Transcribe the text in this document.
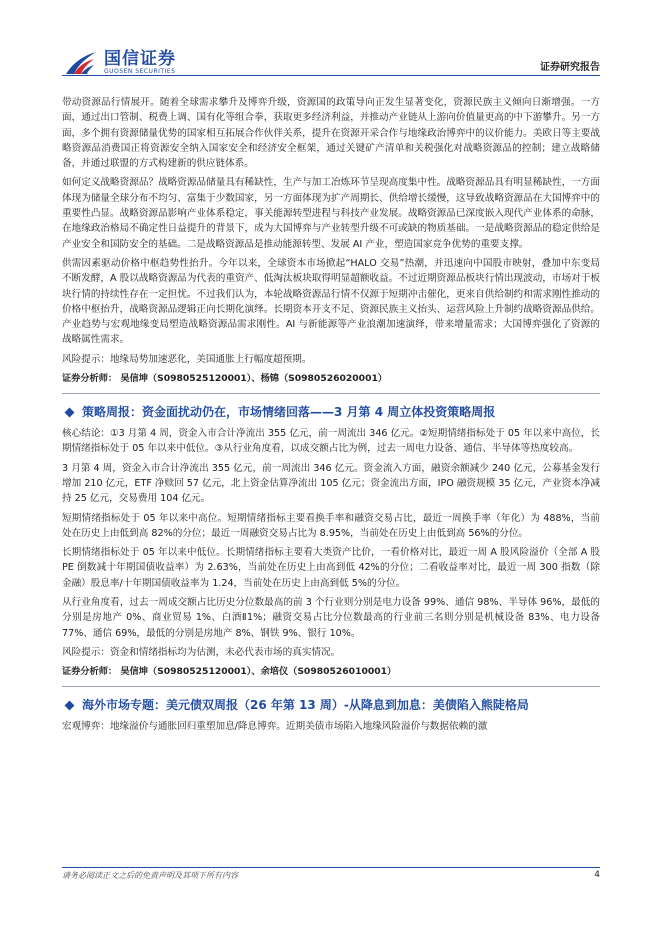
国信证券
GUOSEN SECURITIES	证券研究报告

带动资源品行情展开。随着全球需求攀升及博弈升级，资源国的政策导向正发生显著变化，资源民族主义倾向日渐增强。一方面，通过出口管制、税费上调、国有化等组合拳，获取更多经济利益，并推动产业链从上游向价值量更高的中下游攀升。另一方面，多个拥有资源储量优势的国家相互拓展合作伙伴关系，提升在资源开采合作与地缘政治博弈中的议价能力。美欧日等主要战略资源品消费国正将资源安全纳入国家安全和经济安全框架，通过关键矿产清单和关税强化对战略资源品的控制；建立战略储备，并通过联盟的方式构建新的供应链体系。

如何定义战略资源品？战略资源品储量具有稀缺性，生产与加工冶炼环节呈现高度集中性。战略资源品具有明显稀缺性，一方面体现为储量全球分布不均匀、富集于少数国家，另一方面体现为扩产周期长、供给增长缓慢，这导致战略资源品在大国博弈中的重要性凸显。战略资源品影响产业体系稳定，事关能源转型进程与科技产业发展。战略资源品已深度嵌入现代产业体系的命脉，在地缘政治格局不确定性日益提升的背景下，成为大国博弈与产业转型升级不可或缺的物质基础。一是战略资源品的稳定供给是产业安全和国防安全的基础。二是战略资源品是推动能源转型、发展 AI 产业，塑造国家竞争优势的重要支撑。

供需因素驱动价格中枢趋势性抬升。今年以来，全球资本市场掀起“HALO 交易”热潮，并迅速向中国股市映射，叠加中东变局不断发酵，A 股以战略资源品为代表的重资产、低淘汰板块取得明显超额收益。不过近期资源品板块行情出现波动，市场对于板块行情的持续性存在一定担忧。不过我们认为，本轮战略资源品行情不仅源于短期冲击催化，更来自供给制约和需求刚性推动的价格中枢抬升，战略资源品逻辑正向长期化演绎。长期资本开支不足、资源民族主义抬头、运营风险上升制约战略资源品供给。产业趋势与宏观地缘变局塑造战略资源品需求刚性。AI 与新能源等产业浪潮加速演绎，带来增量需求；大国博弈强化了资源的战略属性需求。

风险提示：地缘局势加速恶化，美国通胀上行幅度超预期。

证券分析师： 吴信坤（S0980525120001）、杨锦（S0980526020001）
策略周报：资金面扰动仍在，市场情绪回落——3 月第 4 周立体投资策略周报

核心结论：①3 月第 4 周，资金入市合计净流出 355 亿元，前一周流出 346 亿元。②短期情绪指标处于 05 年以来中高位，长期情绪指标处于 05 年以来中低位。③从行业角度看，以成交额占比为例，过去一周电力设备、通信、半导体等热度较高。

3 月第 4 周，资金入市合计净流出 355 亿元，前一周流出 346 亿元。资金流入方面，融资余额减少 240 亿元，公募基金发行增加 210 亿元，ETF 净赎回 57 亿元，北上资金估算净流出 105 亿元；资金流出方面，IPO 融资规模 35 亿元，产业资本净减持 25 亿元，交易费用 104 亿元。

短期情绪指标处于 05 年以来中高位。短期情绪指标主要看换手率和融资交易占比，最近一周换手率（年化）为 488%，当前处在历史上由低到高 82%的分位；最近一周融资交易占比为 8.95%，当前处在历史上由低到高 56%的分位。

长期情绪指标处于 05 年以来中低位。长期情绪指标主要看大类资产比价，一看价格对比，最近一周 A 股风险溢价（全部 A 股 PE 倒数减十年期国债收益率）为 2.63%，当前处在历史上由高到低 42%的分位；二看收益率对比，最近一周 300 指数（除金融）股息率/十年期国债收益率为 1.24，当前处在历史上由高到低 5%的分位。

从行业角度看，过去一周成交额占比历史分位数最高的前 3 个行业则分别是电力设备 99%、通信 98%、半导体 96%，最低的分别是房地产 0%、商业贸易 1%、白酒Ⅱ1%；融资交易占比分位数最高的行业前三名则分别是机械设备 83%、电力设备 77%、通信 69%，最低的分别是房地产 8%、钢铁 9%、银行 10%。

风险提示：资金和情绪指标均为估测，未必代表市场的真实情况。

证券分析师： 吴信坤（S0980525120001）、余培仪（S0980526010001）
海外市场专题：美元债双周报（26 年第 13 周）-从降息到加息：美债陷入熊陡格局

宏观博弈：地缘溢价与通胀回归重塑加息/降息博弈。近期美债市场陷入地缘风险溢价与数据依赖的激

请务必阅读正文之后的免责声明及其项下所有内容	4
